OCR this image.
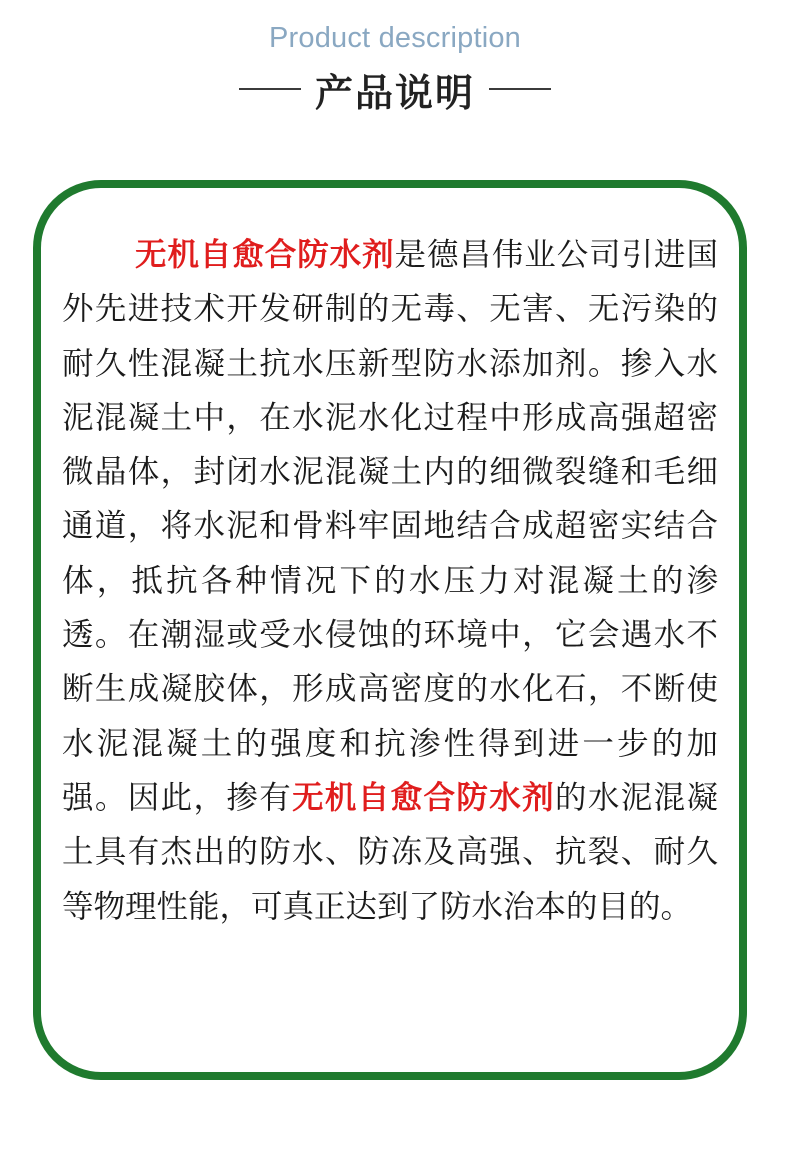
Product description
产品说明

无机自愈合防水剂是德昌伟业公司引进国外先进技术开发研制的无毒、无害、无污染的耐久性混凝土抗水压新型防水添加剂。掺入水泥混凝土中，在水泥水化过程中形成高强超密微晶体，封闭水泥混凝土内的细微裂缝和毛细通道，将水泥和骨料牢固地结合成超密实结合体，抵抗各种情况下的水压力对混凝土的渗透。在潮湿或受水侵蚀的环境中，它会遇水不断生成凝胶体，形成高密度的水化石，不断使水泥混凝土的强度和抗渗性得到进一步的加强。因此，掺有无机自愈合防水剂的水泥混凝土具有杰出的防水、防冻及高强、抗裂、耐久等物理性能，可真正达到了防水治本的目的。
